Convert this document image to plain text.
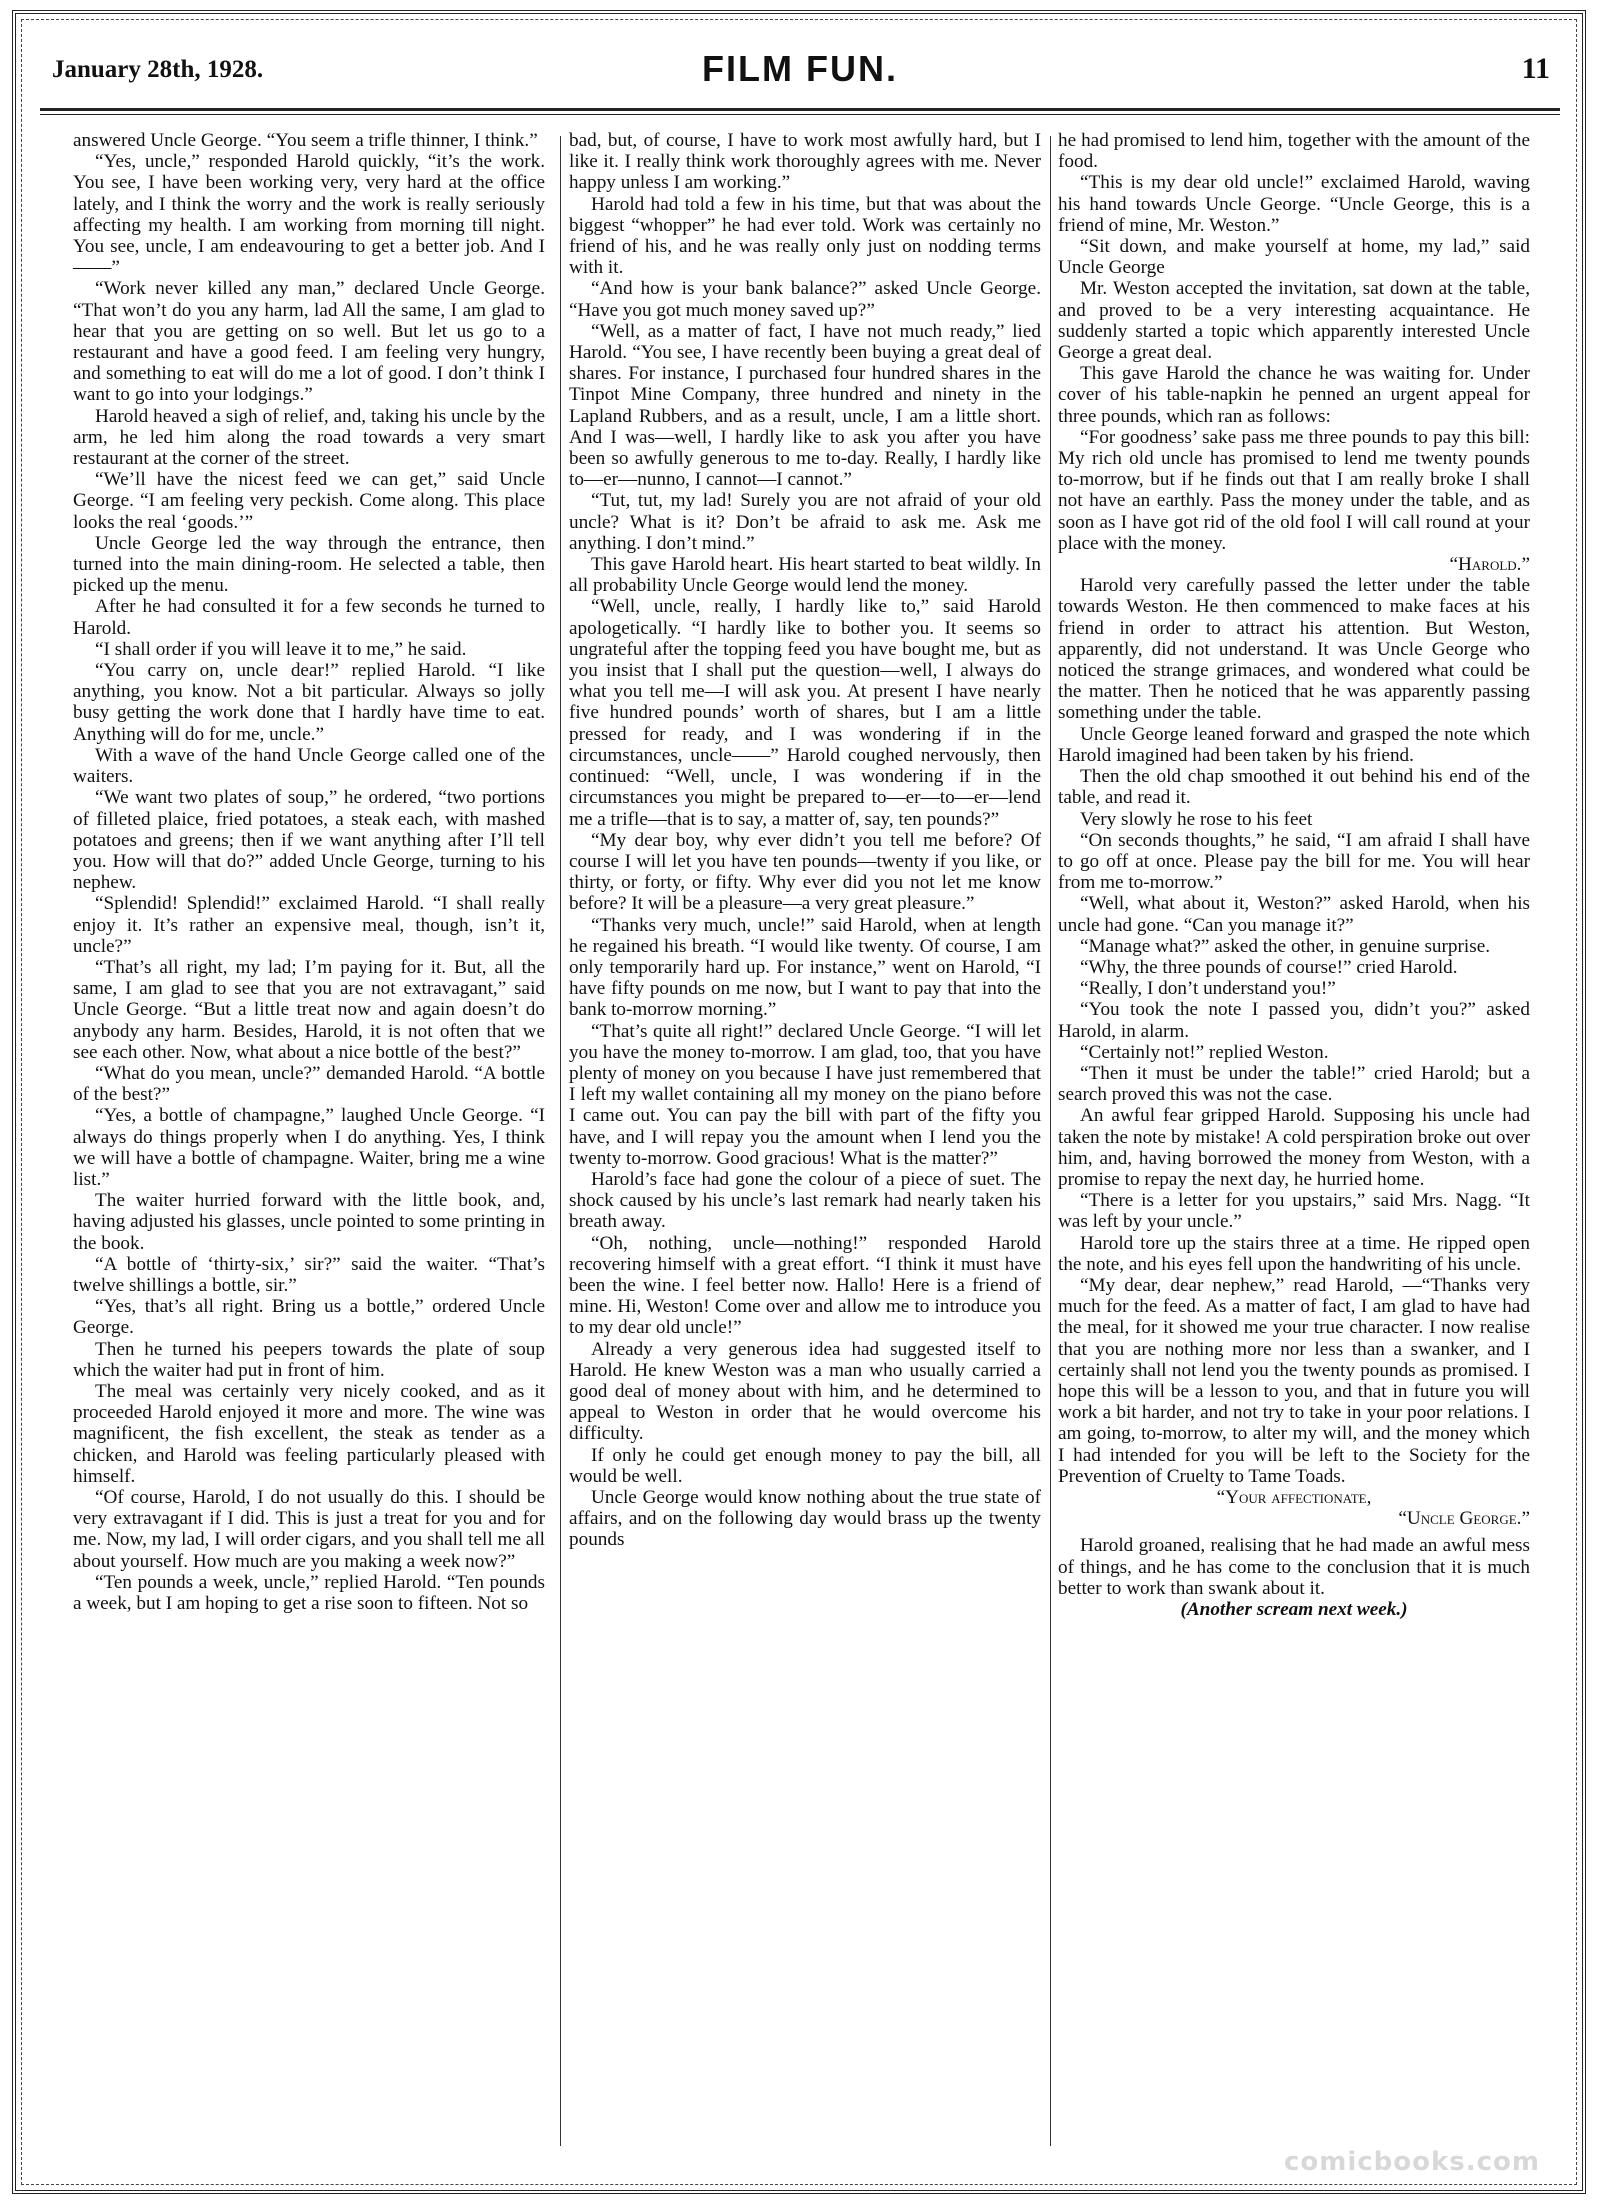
January 28th, 1928.	FILM FUN.	11

answered Uncle George. “You seem a trifle thinner, I think.”

“Yes, uncle,” responded Harold quickly, “it’s the work. You see, I have been working very, very hard at the office lately, and I think the worry and the work is really seriously affecting my health. I am working from morning till night. You see, uncle, I am endeavouring to get a better job. And I——”

“Work never killed any man,” declared Uncle George. “That won’t do you any harm, lad All the same, I am glad to hear that you are getting on so well. But let us go to a restaurant and have a good feed. I am feeling very hungry, and something to eat will do me a lot of good. I don’t think I want to go into your lodgings.”

Harold heaved a sigh of relief, and, taking his uncle by the arm, he led him along the road towards a very smart restaurant at the corner of the street.

“We’ll have the nicest feed we can get,” said Uncle George. “I am feeling very peckish. Come along. This place looks the real ‘goods.’”

Uncle George led the way through the entrance, then turned into the main dining-room. He selected a table, then picked up the menu.

After he had consulted it for a few seconds he turned to Harold.

“I shall order if you will leave it to me,” he said.

“You carry on, uncle dear!” replied Harold. “I like anything, you know. Not a bit particular. Always so jolly busy getting the work done that I hardly have time to eat. Anything will do for me, uncle.”

With a wave of the hand Uncle George called one of the waiters.

“We want two plates of soup,” he ordered, “two portions of filleted plaice, fried potatoes, a steak each, with mashed potatoes and greens; then if we want anything after I’ll tell you. How will that do?” added Uncle George, turning to his nephew.

“Splendid! Splendid!” exclaimed Harold. “I shall really enjoy it. It’s rather an expensive meal, though, isn’t it, uncle?”

“That’s all right, my lad; I’m paying for it. But, all the same, I am glad to see that you are not extravagant,” said Uncle George. “But a little treat now and again doesn’t do anybody any harm. Besides, Harold, it is not often that we see each other. Now, what about a nice bottle of the best?”

“What do you mean, uncle?” demanded Harold. “A bottle of the best?”

“Yes, a bottle of champagne,” laughed Uncle George. “I always do things properly when I do anything. Yes, I think we will have a bottle of champagne. Waiter, bring me a wine list.”

The waiter hurried forward with the little book, and, having adjusted his glasses, uncle pointed to some printing in the book.

“A bottle of ‘thirty-six,’ sir?” said the waiter. “That’s twelve shillings a bottle, sir.”

“Yes, that’s all right. Bring us a bottle,” ordered Uncle George.

Then he turned his peepers towards the plate of soup which the waiter had put in front of him.

The meal was certainly very nicely cooked, and as it proceeded Harold enjoyed it more and more. The wine was magnificent, the fish excellent, the steak as tender as a chicken, and Harold was feeling particularly pleased with himself.

“Of course, Harold, I do not usually do this. I should be very extravagant if I did. This is just a treat for you and for me. Now, my lad, I will order cigars, and you shall tell me all about yourself. How much are you making a week now?”

“Ten pounds a week, uncle,” replied Harold. “Ten pounds a week, but I am hoping to get a rise soon to fifteen. Not so

bad, but, of course, I have to work most awfully hard, but I like it. I really think work thoroughly agrees with me. Never happy unless I am working.”

Harold had told a few in his time, but that was about the biggest “whopper” he had ever told. Work was certainly no friend of his, and he was really only just on nodding terms with it.

“And how is your bank balance?” asked Uncle George. “Have you got much money saved up?”

“Well, as a matter of fact, I have not much ready,” lied Harold. “You see, I have recently been buying a great deal of shares. For instance, I purchased four hundred shares in the Tinpot Mine Company, three hundred and ninety in the Lapland Rubbers, and as a result, uncle, I am a little short. And I was—well, I hardly like to ask you after you have been so awfully generous to me to-day. Really, I hardly like to—er—nunno, I cannot—I cannot.”

“Tut, tut, my lad! Surely you are not afraid of your old uncle? What is it? Don’t be afraid to ask me. Ask me anything. I don’t mind.”

This gave Harold heart. His heart started to beat wildly. In all probability Uncle George would lend the money.

“Well, uncle, really, I hardly like to,” said Harold apologetically. “I hardly like to bother you. It seems so ungrateful after the topping feed you have bought me, but as you insist that I shall put the question—well, I always do what you tell me—I will ask you. At present I have nearly five hundred pounds’ worth of shares, but I am a little pressed for ready, and I was wondering if in the circumstances, uncle——” Harold coughed nervously, then continued: “Well, uncle, I was wondering if in the circumstances you might be prepared to—er—to—er—lend me a trifle—that is to say, a matter of, say, ten pounds?”

“My dear boy, why ever didn’t you tell me before? Of course I will let you have ten pounds—twenty if you like, or thirty, or forty, or fifty. Why ever did you not let me know before? It will be a pleasure—a very great pleasure.”

“Thanks very much, uncle!” said Harold, when at length he regained his breath. “I would like twenty. Of course, I am only temporarily hard up. For instance,” went on Harold, “I have fifty pounds on me now, but I want to pay that into the bank to-morrow morning.”

“That’s quite all right!” declared Uncle George. “I will let you have the money to-morrow. I am glad, too, that you have plenty of money on you because I have just remembered that I left my wallet containing all my money on the piano before I came out. You can pay the bill with part of the fifty you have, and I will repay you the amount when I lend you the twenty to-morrow. Good gracious! What is the matter?”

Harold’s face had gone the colour of a piece of suet. The shock caused by his uncle’s last remark had nearly taken his breath away.

“Oh, nothing, uncle—nothing!” responded Harold recovering himself with a great effort. “I think it must have been the wine. I feel better now. Hallo! Here is a friend of mine. Hi, Weston! Come over and allow me to introduce you to my dear old uncle!”

Already a very generous idea had suggested itself to Harold. He knew Weston was a man who usually carried a good deal of money about with him, and he determined to appeal to Weston in order that he would overcome his difficulty.

If only he could get enough money to pay the bill, all would be well.

Uncle George would know nothing about the true state of affairs, and on the following day would brass up the twenty pounds

he had promised to lend him, together with the amount of the food.

“This is my dear old uncle!” exclaimed Harold, waving his hand towards Uncle George. “Uncle George, this is a friend of mine, Mr. Weston.”

“Sit down, and make yourself at home, my lad,” said Uncle George

Mr. Weston accepted the invitation, sat down at the table, and proved to be a very interesting acquaintance. He suddenly started a topic which apparently interested Uncle George a great deal.

This gave Harold the chance he was waiting for. Under cover of his table-napkin he penned an urgent appeal for three pounds, which ran as follows:

“For goodness’ sake pass me three pounds to pay this bill: My rich old uncle has promised to lend me twenty pounds to-morrow, but if he finds out that I am really broke I shall not have an earthly. Pass the money under the table, and as soon as I have got rid of the old fool I will call round at your place with the money.

“Harold.”

Harold very carefully passed the letter under the table towards Weston. He then commenced to make faces at his friend in order to attract his attention. But Weston, apparently, did not understand. It was Uncle George who noticed the strange grimaces, and wondered what could be the matter. Then he noticed that he was apparently passing something under the table.

Uncle George leaned forward and grasped the note which Harold imagined had been taken by his friend.

Then the old chap smoothed it out behind his end of the table, and read it.

Very slowly he rose to his feet

“On seconds thoughts,” he said, “I am afraid I shall have to go off at once. Please pay the bill for me. You will hear from me to-morrow.”

“Well, what about it, Weston?” asked Harold, when his uncle had gone. “Can you manage it?”

“Manage what?” asked the other, in genuine surprise.

“Why, the three pounds of course!” cried Harold.

“Really, I don’t understand you!”

“You took the note I passed you, didn’t you?” asked Harold, in alarm.

“Certainly not!” replied Weston.

“Then it must be under the table!” cried Harold; but a search proved this was not the case.

An awful fear gripped Harold. Supposing his uncle had taken the note by mistake! A cold perspiration broke out over him, and, having borrowed the money from Weston, with a promise to repay the next day, he hurried home.

“There is a letter for you upstairs,” said Mrs. Nagg. “It was left by your uncle.”

Harold tore up the stairs three at a time. He ripped open the note, and his eyes fell upon the handwriting of his uncle.

“My dear, dear nephew,” read Harold, —“Thanks very much for the feed. As a matter of fact, I am glad to have had the meal, for it showed me your true character. I now realise that you are nothing more nor less than a swanker, and I certainly shall not lend you the twenty pounds as promised. I hope this will be a lesson to you, and that in future you will work a bit harder, and not try to take in your poor relations. I am going, to-morrow, to alter my will, and the money which I had intended for you will be left to the Society for the Prevention of Cruelty to Tame Toads.

“Your affectionate,

“Uncle George.”

Harold groaned, realising that he had made an awful mess of things, and he has come to the conclusion that it is much better to work than swank about it.

(Another scream next week.)

comicbooks.com
